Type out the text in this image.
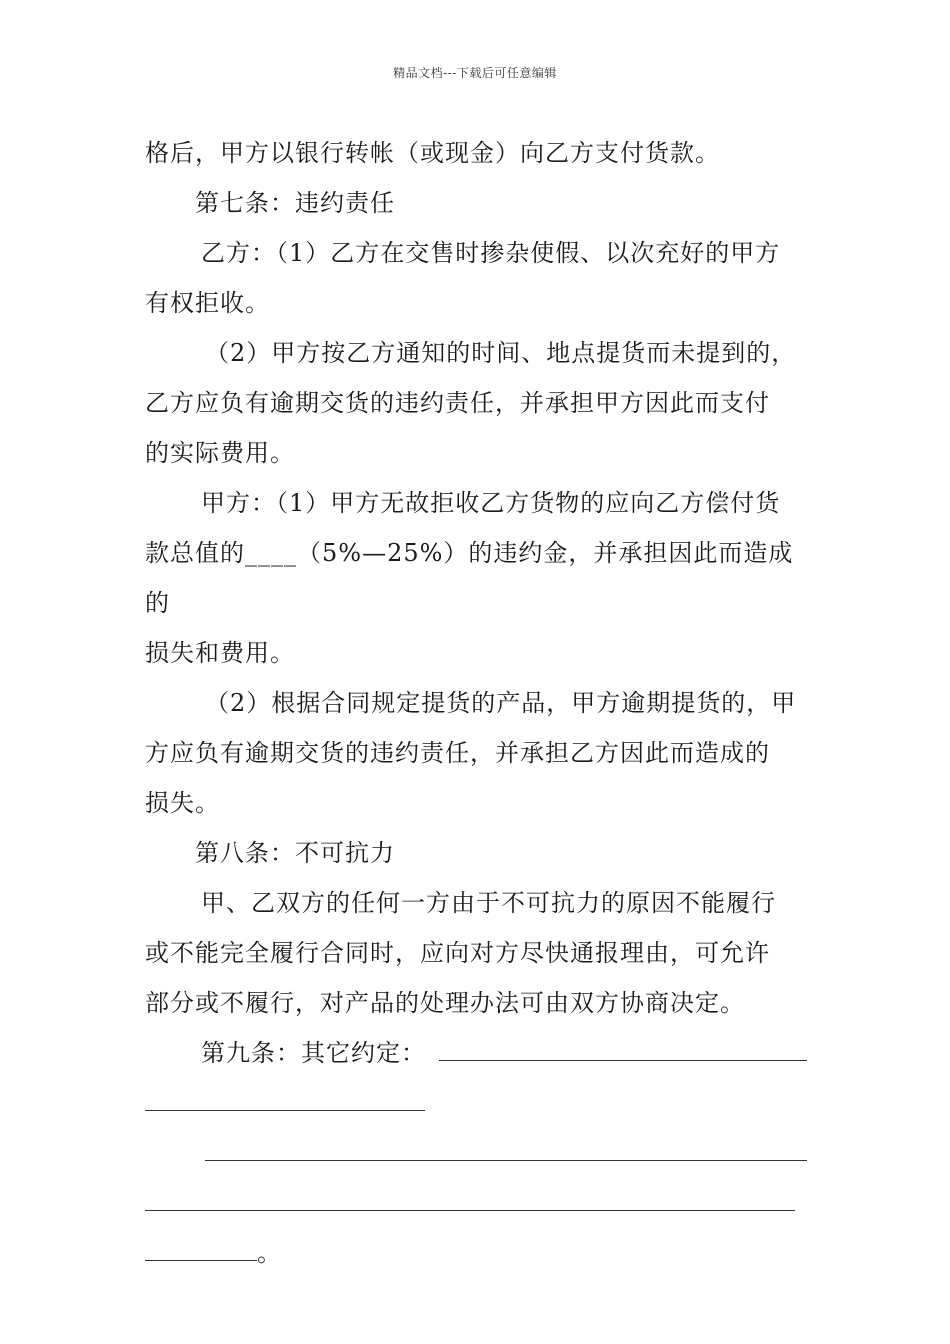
精品文档---下载后可任意编辑

格后，甲方以银行转帐（或现金）向乙方支付货款。

第七条：违约责任

乙方：（1）乙方在交售时掺杂使假、以次充好的甲方

有权拒收。

（2）甲方按乙方通知的时间、地点提货而未提到的，

乙方应负有逾期交货的违约责任，并承担甲方因此而支付

的实际费用。

甲方：（1）甲方无故拒收乙方货物的应向乙方偿付货

款总值的____（5%—25%）的违约金，并承担因此而造成的

损失和费用。

（2）根据合同规定提货的产品，甲方逾期提货的，甲

方应负有逾期交货的违约责任，并承担乙方因此而造成的

损失。

第八条：不可抗力

甲、乙双方的任何一方由于不可抗力的原因不能履行

或不能完全履行合同时，应向对方尽快通报理由，可允许

部分或不履行，对产品的处理办法可由双方协商决定。

第九条：其它约定：
。
